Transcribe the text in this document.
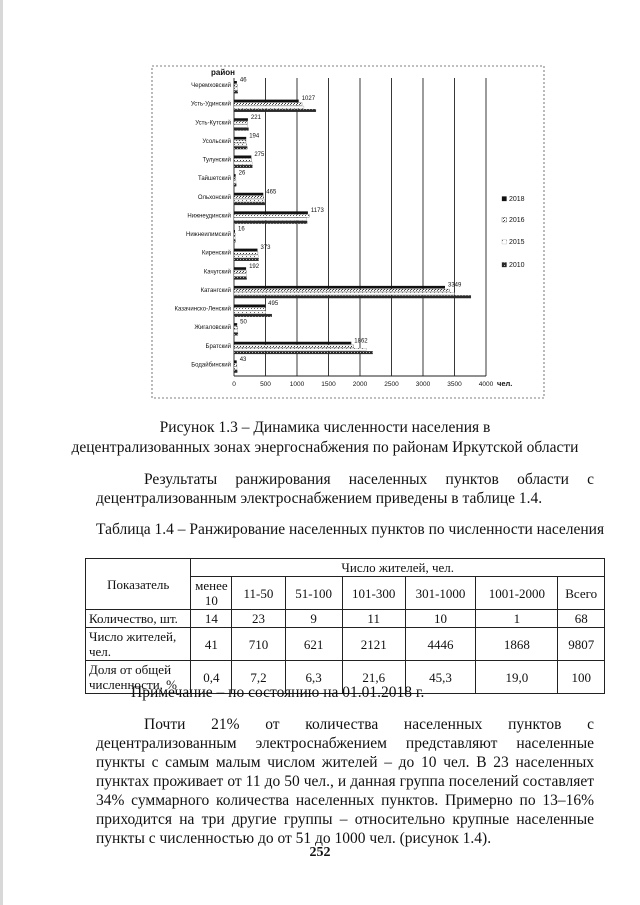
район
чел.
0	500	1000	1500	2000	2500	3000	3500	4000
Черемховский
46
Усть-Удинский
1027
Усть-Кутский
221
Усольский
194
Тулунский
275
Тайшетский
26
Ольхонский
465
Нижнеудинский
1173
Нижнеилимский
16
Киренский
373
Качугский
192
Катангский
3349
Казачинско-Ленский
495
Жигаловский
50
Братский
1862
Бодайбинский
43
2018
2016
2015
2010
Рисунок 1.3 – Динамика численности населения в
децентрализованных зонах энергоснабжения по районам Иркутской области

Результаты ранжирования населенных пунктов области с

децентрализованным электроснабжением приведены в таблице 1.4.

Таблица 1.4 – Ранжирование населенных пунктов по численности населения
Показатель	Число жителей, чел.						
	менее 10	11-50	51-100	101-300	301-1000	1001-2000	Всего
Количество, шт.	14	23	9	11	10	1	68
Число жителей, чел.	41	710	621	2121	4446	1868	9807
Доля от общей численности, %	0,4	7,2	6,3	21,6	45,3	19,0	100
Примечание – по состоянию на 01.01.2018 г.

Почти 21% от количества населенных пунктов с децентрализованным электроснабжением представляют населенные пункты с самым малым числом жителей – до 10 чел. В 23 населенных пунктах проживает от 11 до 50 чел., и данная группа поселений составляет 34% суммарного количества населенных пунктов. Примерно по 13–16% приходится на три другие группы – относительно крупные населенные пункты с численностью до от 51 до 1000 чел. (рисунок 1.4).

252
